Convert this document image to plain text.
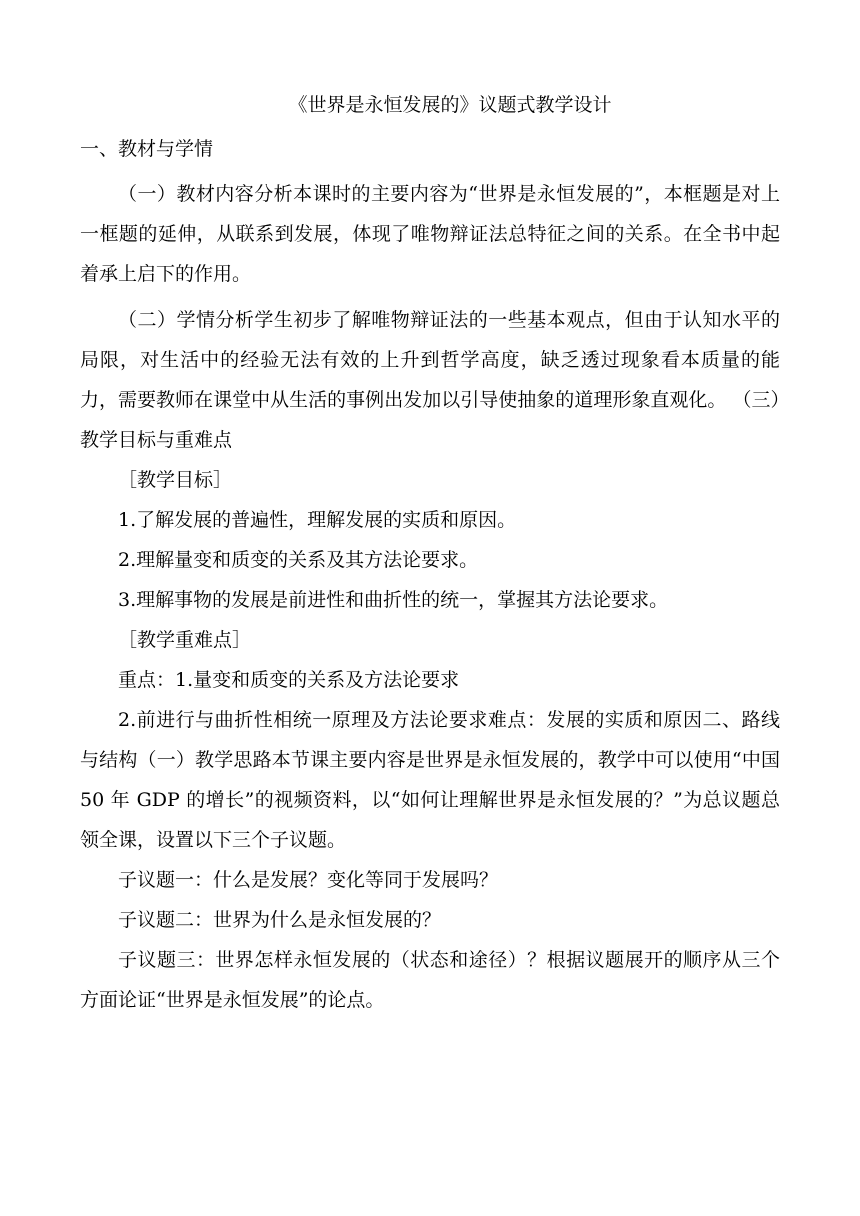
《世界是永恒发展的》议题式教学设计
一、教材与学情

（一）教材内容分析本课时的主要内容为“世界是永恒发展的”，本框题是对上一框题的延伸，从联系到发展，体现了唯物辩证法总特征之间的关系。在全书中起着承上启下的作用。

（二）学情分析学生初步了解唯物辩证法的一些基本观点，但由于认知水平的局限，对生活中的经验无法有效的上升到哲学高度，缺乏透过现象看本质量的能力，需要教师在课堂中从生活的事例出发加以引导使抽象的道理形象直观化。 （三）教学目标与重难点

［教学目标］
1.了解发展的普遍性，理解发展的实质和原因。
2.理解量变和质变的关系及其方法论要求。
3.理解事物的发展是前进性和曲折性的统一，掌握其方法论要求。
［教学重难点］
重点：1.量变和质变的关系及方法论要求

2.前进行与曲折性相统一原理及方法论要求难点：发展的实质和原因二、路线与结构（一）教学思路本节课主要内容是世界是永恒发展的，教学中可以使用“中国 50 年 GDP 的增长”的视频资料，以“如何让理解世界是永恒发展的？”为总议题总领全课，设置以下三个子议题。

子议题一：什么是发展？变化等同于发展吗？
子议题二：世界为什么是永恒发展的？

子议题三：世界怎样永恒发展的（状态和途径）？根据议题展开的顺序从三个方面论证“世界是永恒发展”的论点。
